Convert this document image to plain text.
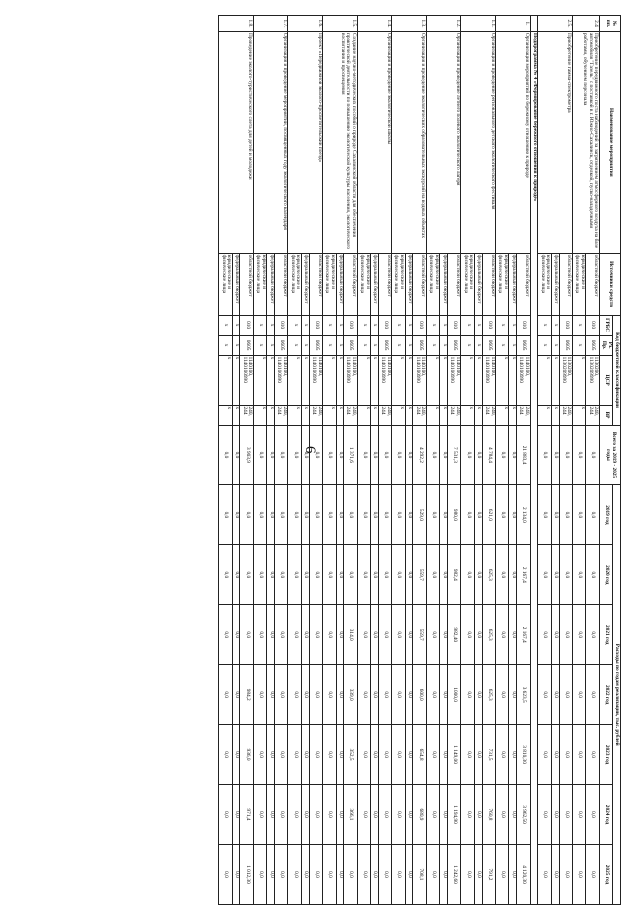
6
№
пп.	Наименование мероприятия	Источники средств	Код бюджетной классификации				Всего за 2019 - 2025 годы	Расходы по годам реализации, тыс. рублей						
			ГРБС	Рз.
Пр.	ЦСР	ВР		2019 год	2020 год	2021 год	2022 год	2023 год	2024 год	2025 год
2.4	Приобретение передвижного поста наблюдений за загрязнением атмосферного воздуха на базе автомобиля "Газель" с поставкой в г. Южно-Сахалинск, отделкой, пуско-наладочными работами, обучением персонала	областной бюджет	010	0605	1130200, 1130209990	240, 244	0,0	0,0	0,0	0,0	0,0	0,0	0,0	0,0
		юридические и физические лица	х	х	х	х	0,0	0,0	0,0	0,0	0,0	0,0	0,0	0,0
2.5.	Приобретение гамма-спектрометра	областной бюджет	010	0605	1130200, 1130209990	240, 244	0,0	0,0	0,0	0,0	0,0	0,0	0,0	0,0
		федеральный бюджет	х	х	х	х	0,0	0,0	0,0	0,0	0,0	0,0	0,0	0,0
		юридические и физические лица	х	х	х	х	0,0	0,0	0,0	0,0	0,0	0,0	0,0	0,0
	Подпрограмма № 4 «Формирование бережного отношения к природе»													
1.	Организация мероприятий по бережному отношению к природе	областной бюджет	010	0605	1140100, 1140100990	240, 244	21 883,4	2 134,0	2 167,4	2 167,4	3 623,5	3 810,30	3 962,50	4 120,30
		федеральный бюджет	х	х	х	х	0,0	0,0	0,0	0,0	0,0	0,0	0,0	0,0
		юридические и физические лица	х	х	х	х	0,0	0,0	0,0	0,0	0,0	0,0	0,0	0,0
1.1.	Организация и проведение регионального детского экологического фестиваля	областной бюджет	010	0605	1140100, 1140100990	240, 244	4 784,4	621,0	625,3	625,3	625,3	731,5	760,8	791,2
		федеральный бюджет	х	х	х	х	0,0	0,0	0,0	0,0	0,0	0,0	0,0	0,0
		юридические и физические лица	х	х	х	х	0,0	0,0	0,0	0,0	0,0	0,0	0,0	0,0
1.2.	Организация и проведение летнего полевого экологического лагеря	областной бюджет	010	0605	1140100, 1140100990	240, 244	7 531,3	980,0	982,4	982,40	1000,0	1 149,00	1 194,90	1 242,60
		федеральный бюджет	х	х	х	х	0,0	0,0	0,0	0,0	0,0	0,0	0,0	0,0
		юридические и физические лица	х	х	х	х	0,0	0,0	0,0	0,0	0,0	0,0	0,0	0,0
1.3.	Организация и проведение экологических образовательных экскурсий на водных объектах	областной бюджет	010	0605	1140100, 1140100990	240, 244	4 292,2	529,0	559,7	559,7	600,0	654,8	680,9	708,1
		федеральный бюджет	х	х	х	х	0,0	0,0	0,0	0,0	0,0	0,0	0,0	0,0
		юридические и физические лица	х	х	х	х	0,0	0,0	0,0	0,0	0,0	0,0	0,0	0,0
1.4.	Организация и проведение экологической школы	областной бюджет	010	0605	1140100, 1140100990	240, 244	0,0	0,0	0,0	0,0	0,0	0,0	0,0	0,0
		федеральный бюджет	х	х	х	х	0,0	0,0	0,0	0,0	0,0	0,0	0,0	0,0
		юридические и физические лица	х	х	х	х	0,0	0,0	0,0	0,0	0,0	0,0	0,0	0,0
1.5.	Создание научно-методических пособий о природе Сахалинской области для обеспечения практической деятельности по повышению экологической культуры населения, экологического воспитания и просвещения	областной бюджет	010	0605	1140100, 1140100990	240, 244	1 371,6	0,0	0,0	314,0	339,0	352,5	366,1	0,0
		федеральный бюджет	х	х	х	х	0,0	0,0	0,0	0,0	0,0	0,0	0,0	0,0
		юридические и физические лица	х	х	х	х	0,0	0,0	0,0	0,0	0,0	0,0	0,0	0,0
1.6.	Проект «Передвижной эколого-просветительский поезд»	областной бюджет	010	0605	1140100, 1140100990	240, 244	0,0	0,0	0,0	0,0	0,0	0,0	0,0	0,0
		федеральный бюджет	х	х	х	х	0,0	0,0	0,0	0,0	0,0	0,0	0,0	0,0
		юридические и физические лица	х	х	х	х	0,0	0,0	0,0	0,0	0,0	0,0	0,0	0,0
1.7.	Организация и проведение мероприятий, посвященных году экологического календаря	областной бюджет	010	0605	1140100, 1140100990	240, 244	0,0	0,0	0,0	0,0	0,0	0,0	0,0	0,0
		федеральный бюджет	х	х	х	х	0,0	0,0	0,0	0,0	0,0	0,0	0,0	0,0
		юридические и физические лица	х	х	х	х	0,0	0,0	0,0	0,0	0,0	0,0	0,0	0,0
1.8.	Проведение эколого-туристического слета для детей и молодежи	областной бюджет	010	0605	1140100, 1140100990	240, 244	3 903,9	0,0	0,0	0,0	984,2	936,0	971,4	1 012,30
		федеральный бюджет	х	х	х	х	0,0	0,0	0,0	0,0	0,0	0,0	0,0	0,0
		юридические и физические лица	х	х	х	х	0,0	0,0	0,0	0,0	0,0	0,0	0,0	0,0
